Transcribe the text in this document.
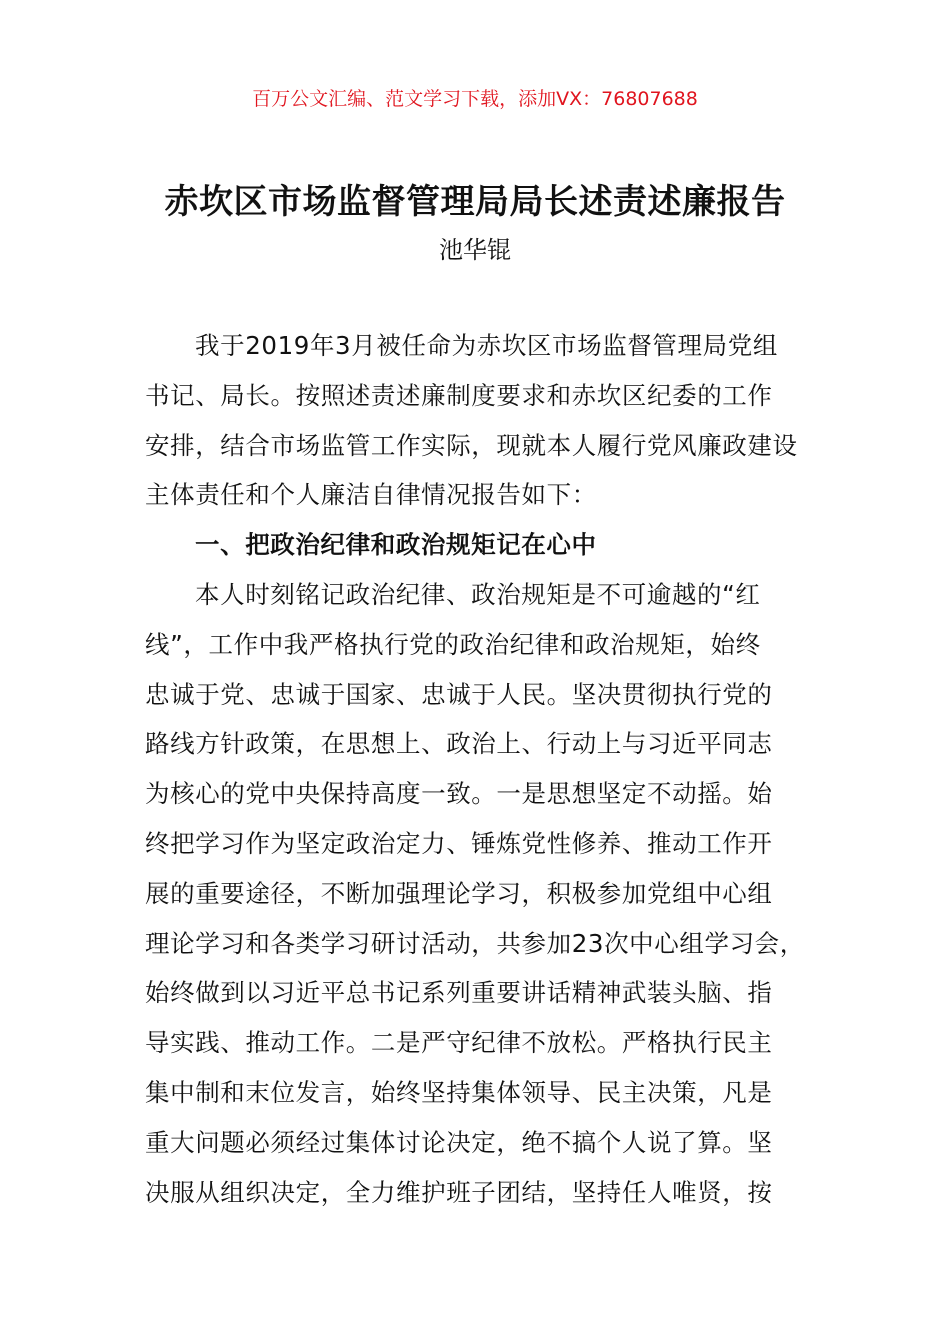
百万公文汇编、范文学习下载，添加VX：76807688
赤坎区市场监督管理局局长述责述廉报告
池华锟
我于2019年3月被任命为赤坎区市场监督管理局党组
书记、局长。按照述责述廉制度要求和赤坎区纪委的工作
安排，结合市场监管工作实际，现就本人履行党风廉政建设
主体责任和个人廉洁自律情况报告如下：
一、把政治纪律和政治规矩记在心中
本人时刻铭记政治纪律、政治规矩是不可逾越的“红
线”，工作中我严格执行党的政治纪律和政治规矩，始终
忠诚于党、忠诚于国家、忠诚于人民。坚决贯彻执行党的
路线方针政策，在思想上、政治上、行动上与习近平同志
为核心的党中央保持高度一致。一是思想坚定不动摇。始
终把学习作为坚定政治定力、锤炼党性修养、推动工作开
展的重要途径，不断加强理论学习，积极参加党组中心组
理论学习和各类学习研讨活动，共参加23次中心组学习会，
始终做到以习近平总书记系列重要讲话精神武装头脑、指
导实践、推动工作。二是严守纪律不放松。严格执行民主
集中制和末位发言，始终坚持集体领导、民主决策，凡是
重大问题必须经过集体讨论决定，绝不搞个人说了算。坚
决服从组织决定，全力维护班子团结，坚持任人唯贤，按
